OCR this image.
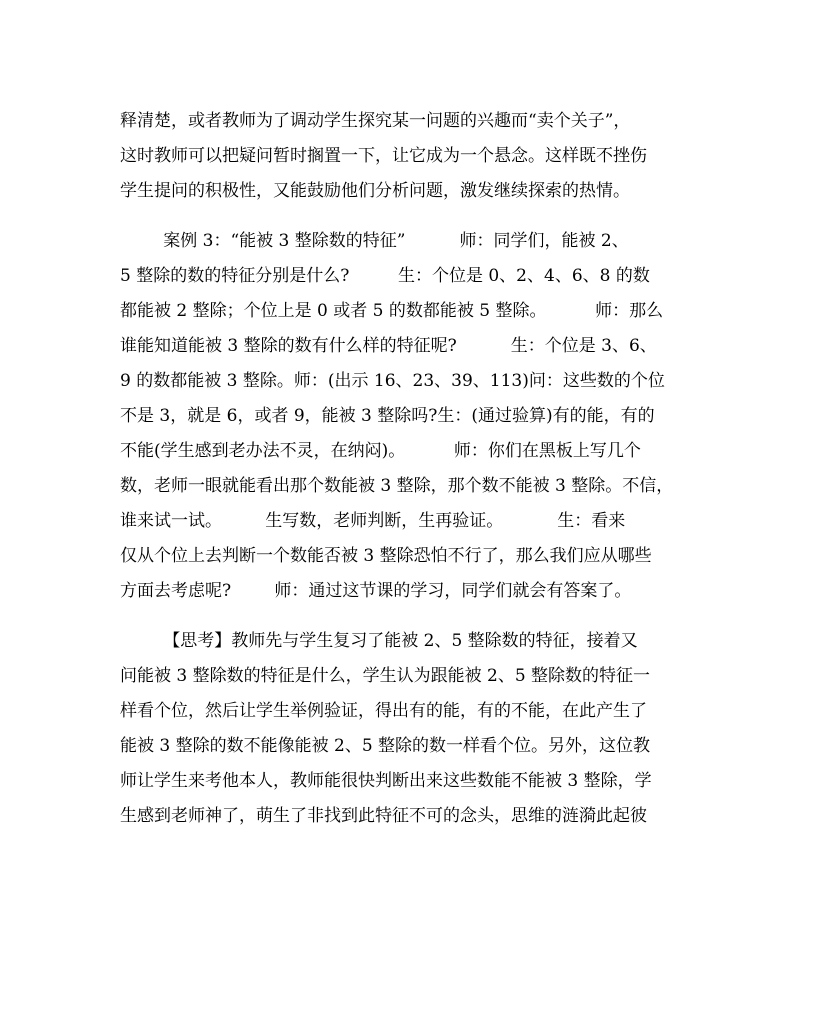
释清楚，或者教师为了调动学生探究某一问题的兴趣而“卖个关子”，
这时教师可以把疑问暂时搁置一下，让它成为一个悬念。这样既不挫伤
学生提问的积极性，又能鼓励他们分析问题，激发继续探索的热情。
案例 3：“能被 3 整除数的特征”          师：同学们，能被 2、
5 整除的数的特征分别是什么?         生：个位是 0、2、4、6、8 的数
都能被 2 整除；个位上是 0 或者 5 的数都能被 5 整除。         师：那么
谁能知道能被 3 整除的数有什么样的特征呢?          生：个位是 3、6、
9 的数都能被 3 整除。师：(出示 16、23、39、113)问：这些数的个位
不是 3，就是 6，或者 9，能被 3 整除吗?生：(通过验算)有的能，有的
不能(学生感到老办法不灵，在纳闷)。         师：你们在黑板上写几个
数，老师一眼就能看出那个数能被 3 整除，那个数不能被 3 整除。不信，
谁来试一试。        生写数，老师判断，生再验证。          生：看来
仅从个位上去判断一个数能否被 3 整除恐怕不行了，那么我们应从哪些
方面去考虑呢?        师：通过这节课的学习，同学们就会有答案了。
【思考】教师先与学生复习了能被 2、5 整除数的特征，接着又
问能被 3 整除数的特征是什么，学生认为跟能被 2、5 整除数的特征一
样看个位，然后让学生举例验证，得出有的能，有的不能，在此产生了
能被 3 整除的数不能像能被 2、5 整除的数一样看个位。另外，这位教
师让学生来考他本人，教师能很快判断出来这些数能不能被 3 整除，学
生感到老师神了，萌生了非找到此特征不可的念头，思维的涟漪此起彼
